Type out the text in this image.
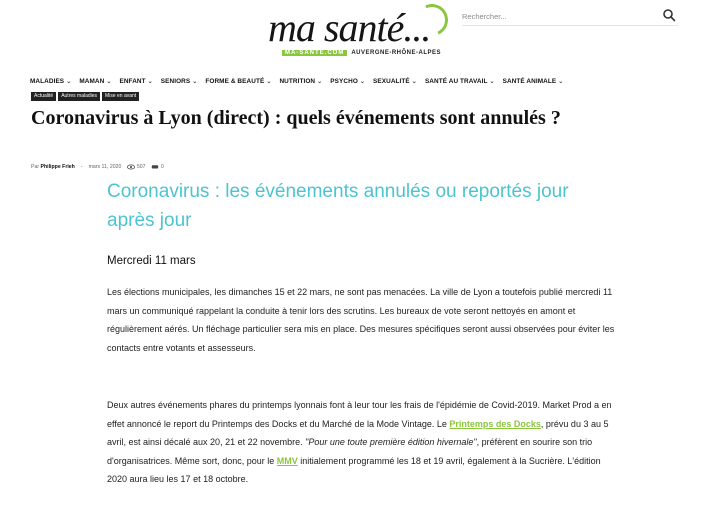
ma santé...
MA-SANTE.COM	AUVERGNE-RHÔNE-ALPES
Rechercher...
MALADIES ⌄ MAMAN ⌄ ENFANT ⌄ SENIORS ⌄ FORME & BEAUTÉ ⌄ NUTRITION ⌄ PSYCHO ⌄ SEXUALITÉ ⌄ SANTÉ AU TRAVAIL ⌄ SANTÉ ANIMALE ⌄
Actualité	Autres maladies	Mise en avant
Coronavirus à Lyon (direct) : quels événements sont annulés ?
Par Philippe Frieh - mars 11, 2020	507	0
Coronavirus : les événements annulés ou reportés jour après jour
Mercredi 11 mars

Les élections municipales, les dimanches 15 et 22 mars, ne sont pas menacées. La ville de Lyon a toutefois publié mercredi 11 mars un communiqué rappelant la conduite à tenir lors des scrutins. Les bureaux de vote seront nettoyés en amont et régulièrement aérés. Un fléchage particulier sera mis en place. Des mesures spécifiques seront aussi observées pour éviter les contacts entre votants et assesseurs.

Deux autres événements phares du printemps lyonnais font à leur tour les frais de l'épidémie de Covid-2019. Market Prod a en effet annoncé le report du Printemps des Docks et du Marché de la Mode Vintage. Le Printemps des Docks, prévu du 3 au 5 avril, est ainsi décalé aux 20, 21 et 22 novembre. "Pour une toute première édition hivernale", préfèrent en sourire son trio d'organisatrices. Même sort, donc, pour le MMV initialement programmé les 18 et 19 avril, également à la Sucrière. L'édition 2020 aura lieu les 17 et 18 octobre.
